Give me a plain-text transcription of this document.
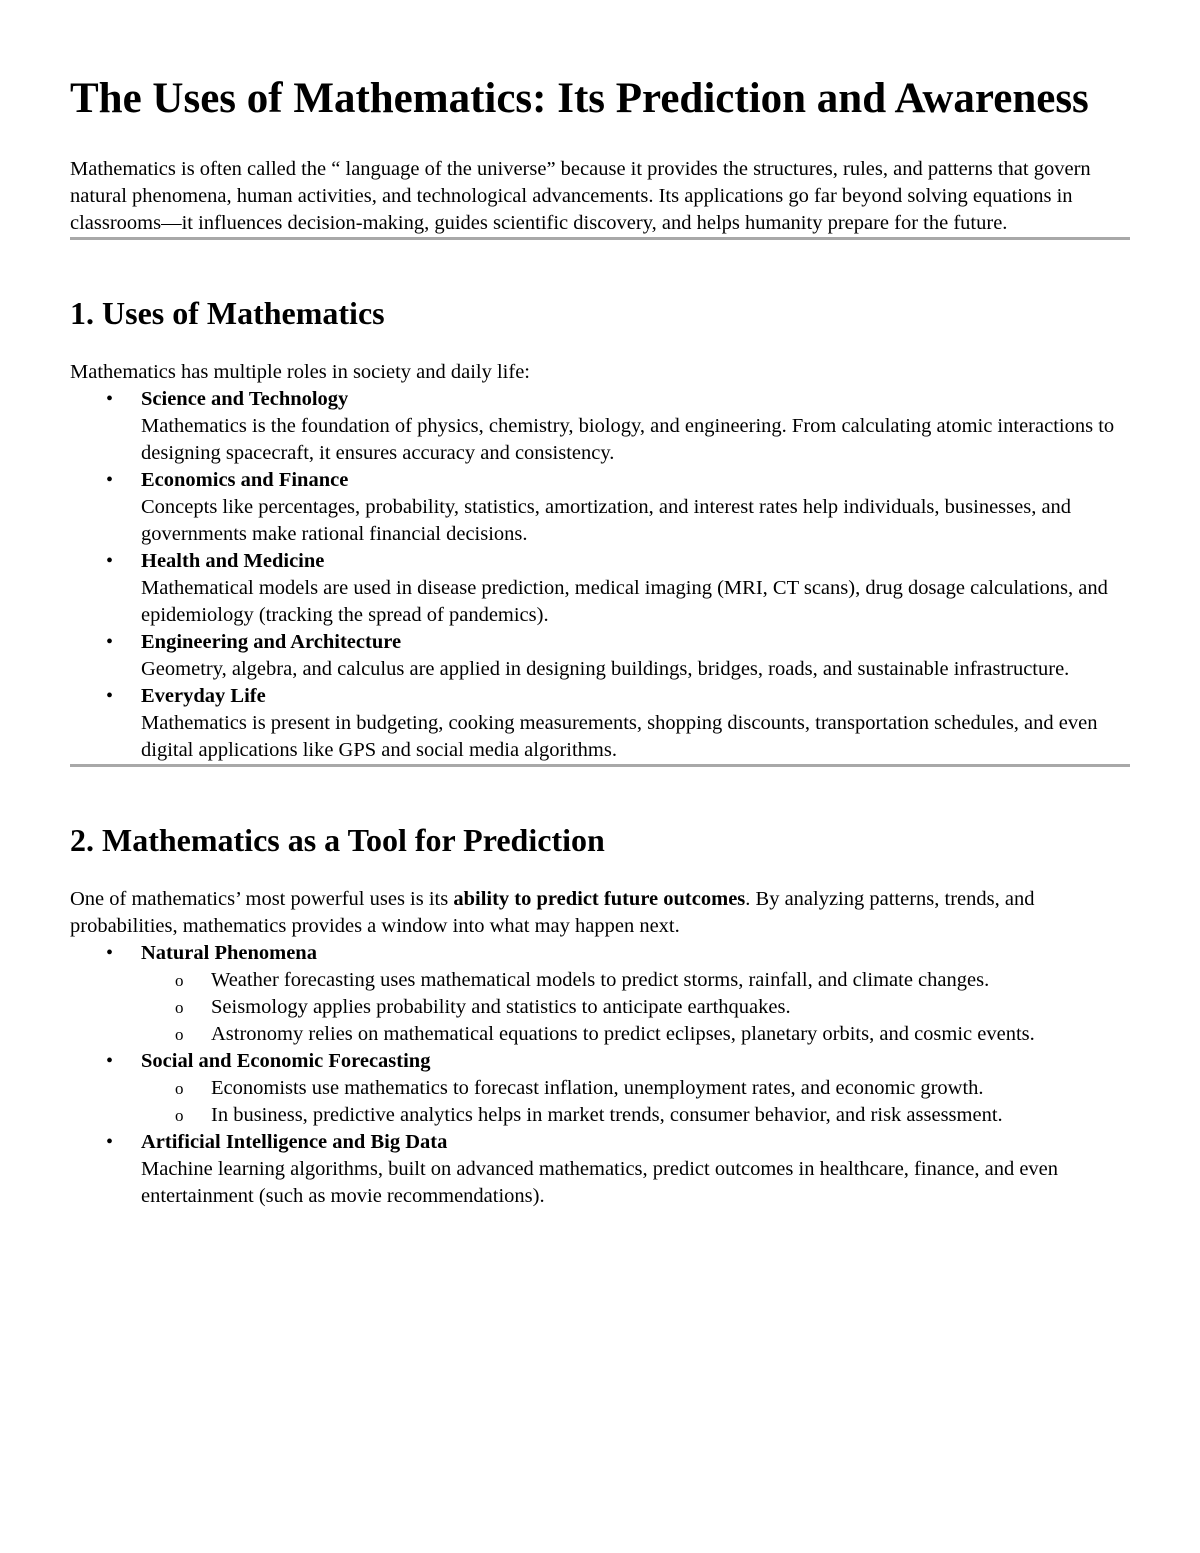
The Uses of Mathematics: Its Prediction and Awareness

Mathematics is often called the “ language of the universe” because it provides the structures, rules, and patterns that govern natural phenomena, human activities, and technological advancements. Its applications go far beyond solving equations in classrooms—it influences decision-making, guides scientific discovery, and helps humanity prepare for the future.

1. Uses of Mathematics

Mathematics has multiple roles in society and daily life:

• Science and Technology
Mathematics is the foundation of physics, chemistry, biology, and engineering. From calculating atomic interactions to designing spacecraft, it ensures accuracy and consistency.
• Economics and Finance
Concepts like percentages, probability, statistics, amortization, and interest rates help individuals, businesses, and governments make rational financial decisions.
• Health and Medicine
Mathematical models are used in disease prediction, medical imaging (MRI, CT scans), drug dosage calculations, and epidemiology (tracking the spread of pandemics).
• Engineering and Architecture
Geometry, algebra, and calculus are applied in designing buildings, bridges, roads, and sustainable infrastructure.
• Everyday Life
Mathematics is present in budgeting, cooking measurements, shopping discounts, transportation schedules, and even digital applications like GPS and social media algorithms.
2. Mathematics as a Tool for Prediction

One of mathematics’ most powerful uses is its ability to predict future outcomes. By analyzing patterns, trends, and probabilities, mathematics provides a window into what may happen next.

• Natural Phenomena
o Weather forecasting uses mathematical models to predict storms, rainfall, and climate changes.
o Seismology applies probability and statistics to anticipate earthquakes.
o Astronomy relies on mathematical equations to predict eclipses, planetary orbits, and cosmic events.
• Social and Economic Forecasting
o Economists use mathematics to forecast inflation, unemployment rates, and economic growth.
o In business, predictive analytics helps in market trends, consumer behavior, and risk assessment.
• Artificial Intelligence and Big Data
Machine learning algorithms, built on advanced mathematics, predict outcomes in healthcare, finance, and even entertainment (such as movie recommendations).
